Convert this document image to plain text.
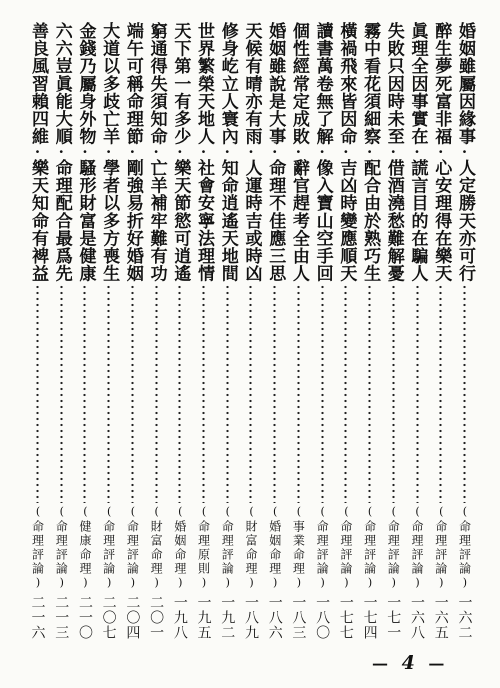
婚姻雖屬因緣事
·
人定勝天亦可行
(命理評論)
一六二
醉生夢死富非福
·
心安理得在樂天
(命理評論)
一六五
眞理全因事實在
·
謊言目的在騙人
(命理評論)
一六八
失敗只因時未至
·
借酒澆愁難解憂
(命理評論)
一七一
霧中看花須細察
·
配合由於熟巧生
(命理評論)
一七四
橫禍飛來皆因命
·
吉凶時變應順天
(命理評論)
一七七
讀書萬卷無了解
·
像入寶山空手回
(命理評論)
一八〇
個性經常定成敗
·
辭官趕考全由人
(事業命理)
一八三
婚姻雖說是大事
·
命理不佳應三思
(婚姻命理)
一八六
天候有晴亦有雨
·
人運時吉或時凶
(財富命理)
一八九
修身屹立人寰內
·
知命逍遙天地間
(命理評論)
一九二
世界繁榮天地人
·
社會安寧法理情
(命理原則)
一九五
天下第一有多少
·
樂天節慾可逍遙
(婚姻命理)
一九八
窮通得失須知命
·
亡羊補牢難有功
(財富命理)
二〇一
端午可稱命理節
·
剛強易折好婚姻
(命理評論)
二〇四
大道以多歧亡羊
·
學者以多方喪生
(命理評論)
二〇七
金錢乃屬身外物
·
騷形財富是健康
(健康命理)
二一〇
六六豈眞能大順
·
命理配合最爲先
(命理評論)
二一三
善良風習賴四維
·
樂天知命有裨益
(命理評論)
二一六
— 4 —
